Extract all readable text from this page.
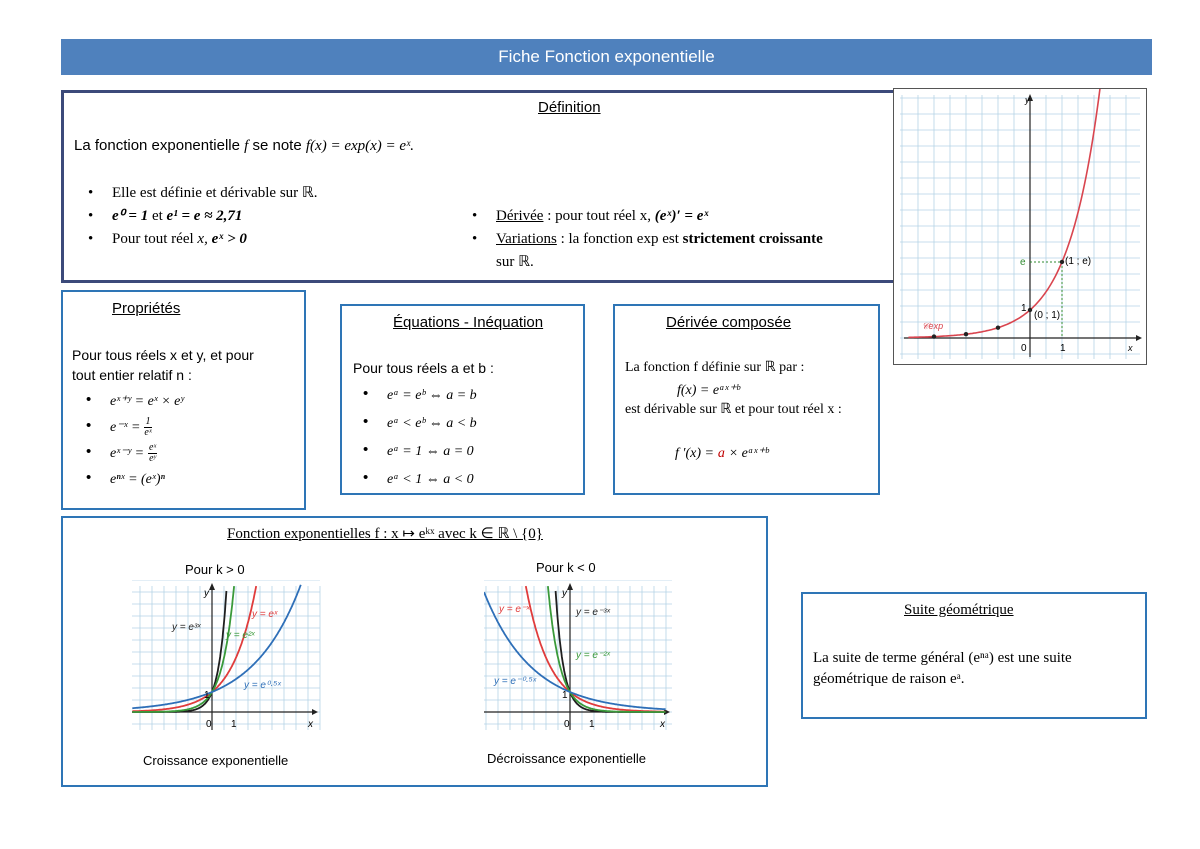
Fiche Fonction exponentielle
Définition
La fonction exponentielle f se note f(x) = exp(x) = eˣ.
• Elle est définie et dérivable sur ℝ.
• e⁰ = 1 et e¹ = e ≈ 2,71
• Pour tout réel x, eˣ > 0
• Dérivée : pour tout réel x, (eˣ)′ = eˣ
• Variations : la fonction exp est strictement croissante
sur ℝ.
y
x
e
1
0	1
(1 ; e)
(0 ; 1)
𝒞exp
Propriétés
Pour tous réels x et y, et pour
tout entier relatif n :
• eˣ⁺ʸ = eˣ × eʸ
• e⁻ˣ = $\frac{1}{\text{eˣ}}$
• eˣ⁻ʸ = $\frac{\text{eˣ}}{\text{eʸ}}$
• eⁿˣ = (eˣ)ⁿ
Équations - Inéquation
Pour tous réels a et b :
• eᵃ = eᵇ ⇔ a = b
• eᵃ < eᵇ ⇔ a < b
• eᵃ = 1 ⇔ a = 0
• eᵃ < 1 ⇔ a < 0
Dérivée composée
La fonction f définie sur ℝ par :
f(x) = eᵃˣ⁺ᵇ
est dérivable sur ℝ et pour tout réel x :
f ′(x) = a × eᵃˣ⁺ᵇ
Fonction exponentielles f : x ↦ eᵏˣ avec k ∈ ℝ \ {0}
Pour k > 0	Pour k < 0
y
x
0 1
1
y = e³ˣ
y = eˣ
y = e²ˣ
y = e⁰·⁵ˣ
Croissance exponentielle
y
x
0 1
1
y = e⁻ˣ	y = e⁻³ˣ
y = e⁻²ˣ
y = e⁻⁰·⁵ˣ
Décroissance exponentielle
Suite géométrique
La suite de terme général (eⁿᵃ) est une suite
géométrique de raison eᵃ.
